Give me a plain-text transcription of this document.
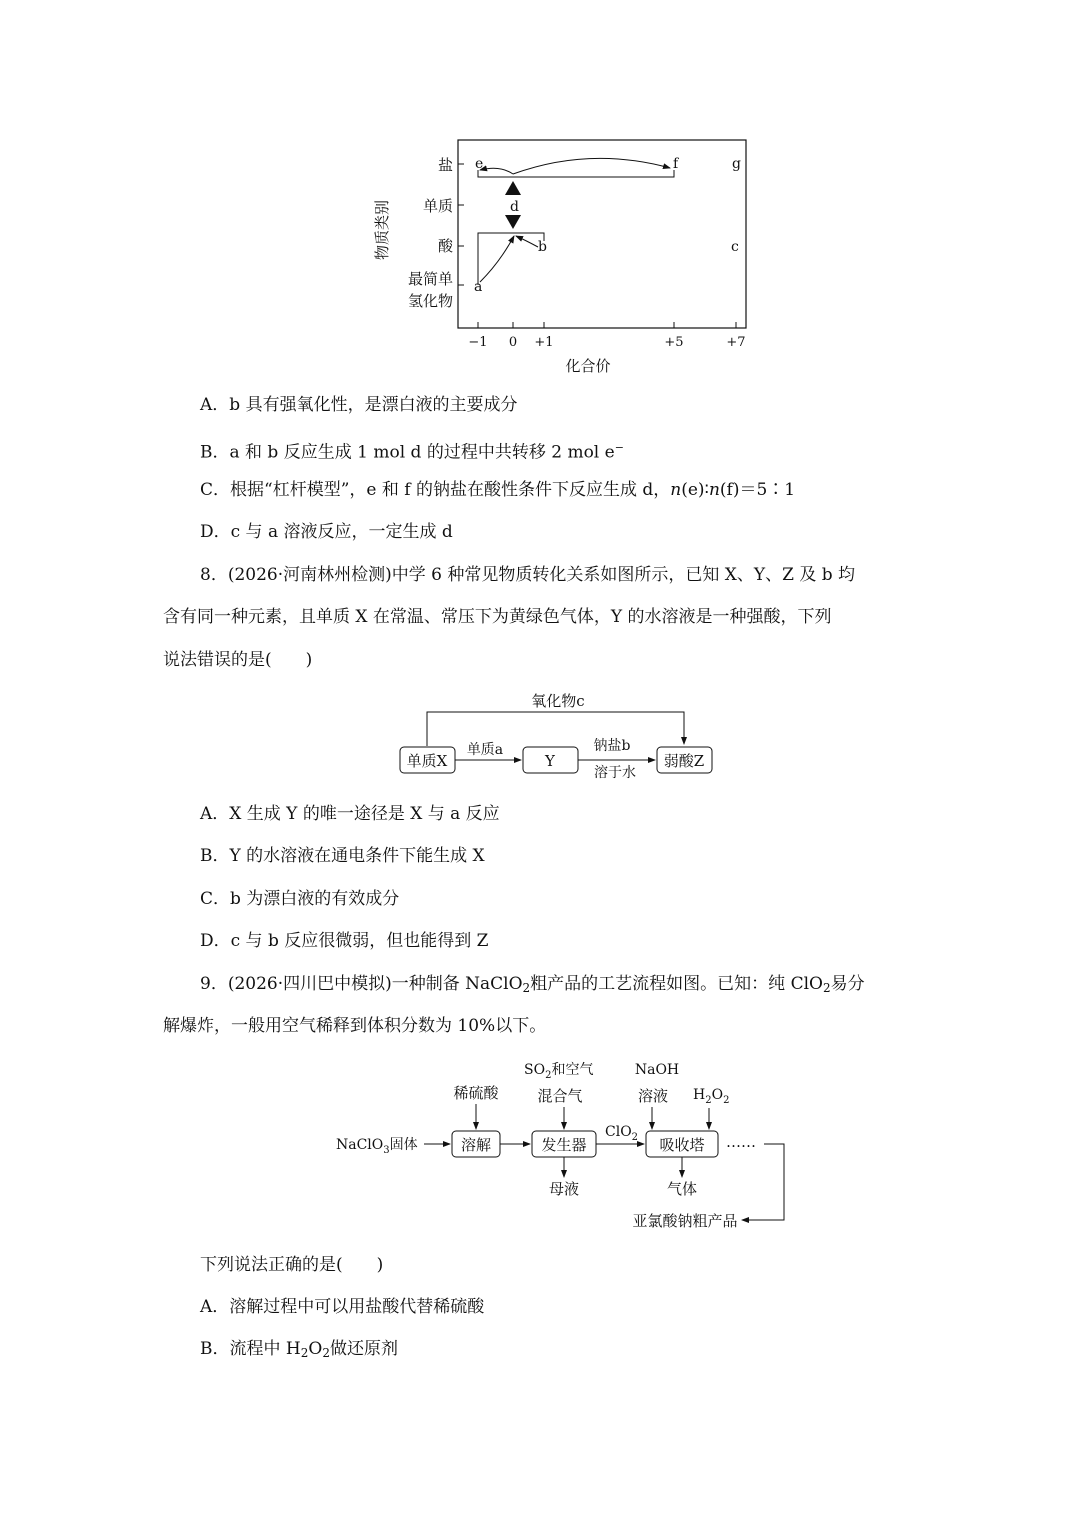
物质类别
盐
单质
酸
最简单
氢化物
−1 0 +1	+5	+7
化合价
e	f	g
d
b	c
a
A．b 具有强氧化性，是漂白液的主要成分
B．a 和 b 反应生成 1 mol d 的过程中共转移 2 mol e−
C．根据“杠杆模型”，e 和 f 的钠盐在酸性条件下反应生成 d，n(e)∶n(f)＝5∶1
D．c 与 a 溶液反应，一定生成 d
8．(2026·河南林州检测)中学 6 种常见物质转化关系如图所示，已知 X、Y、Z 及 b 均
含有同一种元素，且单质 X 在常温、常压下为黄绿色气体，Y 的水溶液是一种强酸，下列
说法错误的是(　　)
氧化物c
单质X	Y	弱酸Z
单质a	钠盐b
溶于水
A．X 生成 Y 的唯一途径是 X 与 a 反应
B．Y 的水溶液在通电条件下能生成 X
C．b 为漂白液的有效成分
D．c 与 b 反应很微弱，但也能得到 Z
9．(2026·四川巴中模拟)一种制备 NaClO$_2$粗产品的工艺流程如图。已知：纯 ClO$_2$易分
解爆炸，一般用空气稀释到体积分数为 10%以下。
NaClO$_3$固体	溶解
稀硫酸
发生器
$SO_2$和空气
混合气
母液
ClO$_2$ 吸收塔
NaOH
溶液 $H_2O_2$
气体
……
亚氯酸钠粗产品
下列说法正确的是(　　)
A．溶解过程中可以用盐酸代替稀硫酸
B．流程中 $H_2O_2$做还原剂
